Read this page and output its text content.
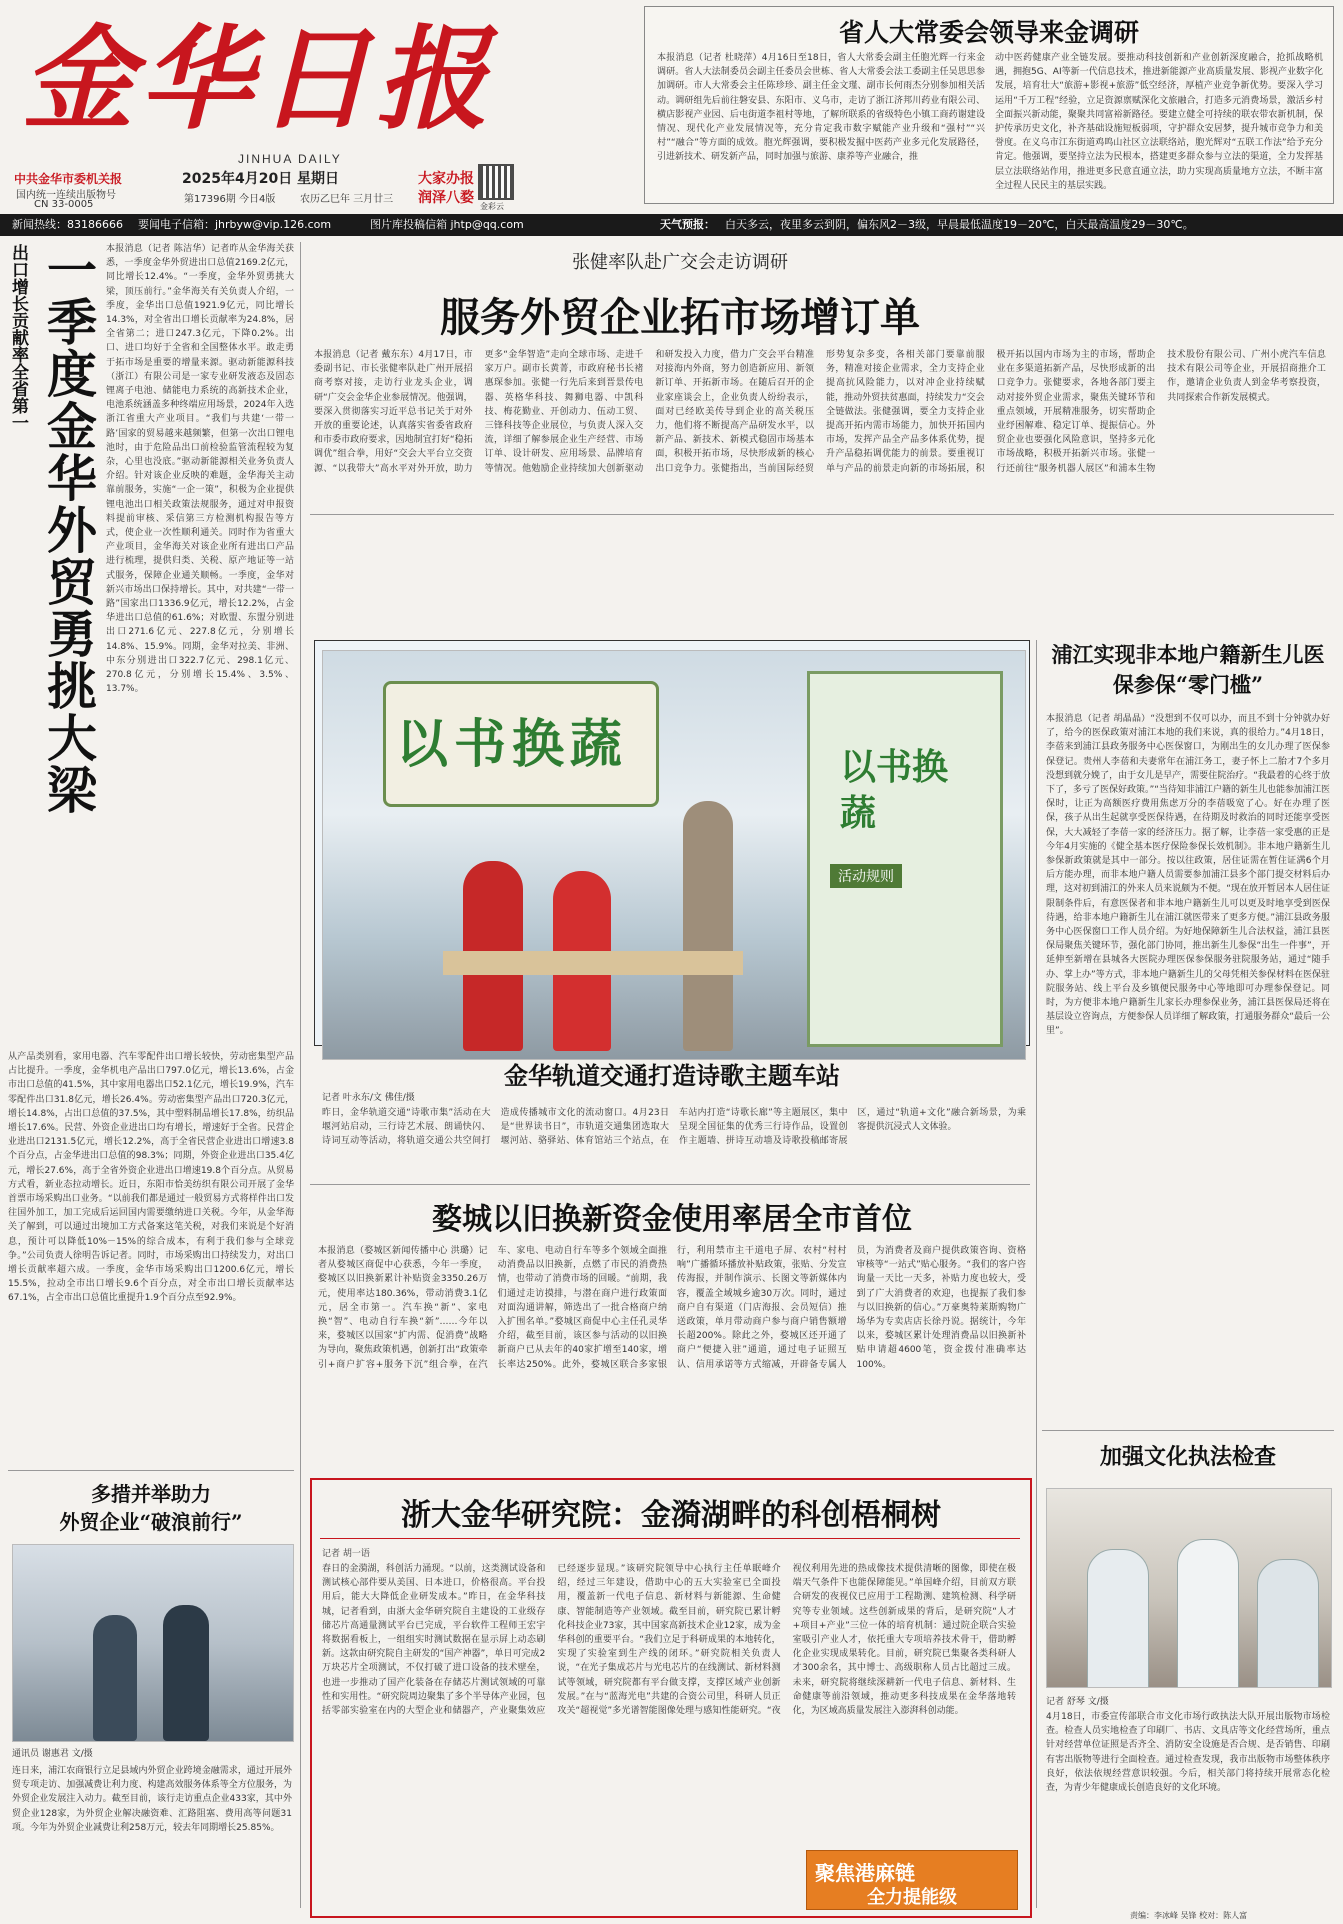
金华日报
JINHUA DAILY
中共金华市委机关报
国内统一连续出版物号
CN 33-0005
2025年4月20日 星期日
第17396期 今日4版 农历乙巳年 三月廿三
大家办报
润泽八婺
金彩云
省人大常委会领导来金调研
本报消息（记者 杜晓萍）4月16日至18日，省人大常委会副主任胞光辉一行来金调研。省人大法制委员会副主任委员会世栋、省人大常委会法工委副主任吴思思参加调研。市人大常委会主任陈珍珍、副主任金文瑾、副市长何雨杰分别参加相关活动。调研组先后前往磐安县、东阳市、义乌市，走访了浙江济邦川药业有限公司、横店影视产业园、后屯街道李祖村等地，了解所联系的省级特色小镇工商药谢建设情况、现代化产业发展情况等，充分肯定我市数字赋能产业升级和“强村”“兴村”“融合”等方面的成效。胞光辉强调，要积极发掘中医药产业多元化发展路径，引进新技术、研发新产品，同时加强与旅游、康养等产业融合，推
动中医药健康产业全链发展。要推动科技创新和产业创新深度融合，抢抓战略机遇，拥抱5G、AI等新一代信息技术，推进新能源产业高质量发展、影视产业数字化发展，培育壮大“旅游+影视+旅游”低空经济，厚植产业竞争新优势。要深入学习运用“千万工程”经验，立足资源禀赋深化文旅融合，打造多元消费场景，激活乡村全面振兴新动能，聚聚共同富裕新路径。要建立健全可持续的联农带农新机制，保护传承历史文化，补齐基础设施短板弱项，守护群众安居梦，提升城市竞争力和美誉度。在义乌市江东街道鸡鸣山社区立法联络站，胞光辉对“五联工作法”给予充分肯定。他强调，要坚持立法为民根本，搭建更多群众参与立法的渠道，全力发挥基层立法联络站作用，推进更多民意直通立法，助力实现高质量地方立法，不断丰富全过程人民民主的基层实践。
新闻热线：83186666 要闻电子信箱：jhrbyw@vip.126.com	图片库投稿信箱 jhtp@qq.com	天气预报： 白天多云，夜里多云到阴，偏东风2－3级，早晨最低温度19－20℃，白天最高温度29－30℃。
出口增长贡献率全省第一 一季度金华外贸勇挑大梁 本报消息（记者 陈洁华）记者昨从金华海关获悉，一季度金华外贸进出口总值2169.2亿元，同比增长12.4%。“一季度，金华外贸勇挑大梁，顶压前行。”金华海关有关负责人介绍，一季度，金华出口总值1921.9亿元，同比增长14.3%，对全省出口增长贡献率为24.8%，居全省第二；进口247.3亿元，下降0.2%。出口、进口均好于全省和全国整体水平。敢走勇于拓市场是重要的增量来源。驱动新能源科技（浙江）有限公司是一家专业研发液态及固态锂离子电池、储能电力系统的高新技术企业，电池系统涵盖多种终端应用场景，2024年入选浙江省重大产业项目。“我们与共建‘一带一路’国家的贸易越来越频繁，但第一次出口锂电池时，由于危险品出口前检验监管流程较为复杂，心里也没底。”驱动新能源相关业务负责人介绍。针对该企业反映的难题，金华海关主动靠前服务，实施“一企一策”，积极为企业提供锂电池出口相关政策法规服务，通过对申报资料提前审核、采信第三方检测机构报告等方式，使企业一次性顺利通关。同时作为省重大产业项目，金华海关对该企业所有进出口产品进行梳理，提供归类、关税、原产地证等一站式服务，保障企业通关顺畅。一季度，金华对新兴市场出口保持增长。其中，对共建“一带一路”国家出口1336.9亿元，增长12.2%，占金华进出口总值的61.6%；对欧盟、东盟分别进出口271.6亿元、227.8亿元，分别增长14.8%、15.9%。同期，金华对拉美、非洲、中东分别进出口322.7亿元、298.1亿元、270.8亿元，分别增长15.4%、3.5%、13.7%。
从产品类别看，家用电器、汽车零配件出口增长较快，劳动密集型产品占比提升。一季度，金华机电产品出口797.0亿元，增长13.6%，占金市出口总值的41.5%，其中家用电器出口52.1亿元，增长19.9%，汽车零配件出口31.8亿元，增长26.4%。劳动密集型产品出口720.3亿元，增长14.8%，占出口总值的37.5%，其中塑料制品增长17.8%，纺织品增长17.6%。民营、外资企业进出口均有增长，增速好于全省。民营企业进出口2131.5亿元，增长12.2%，高于全省民营企业进出口增速3.8个百分点，占金华进出口总值的98.3%；同期，外资企业进出口35.4亿元，增长27.6%，高于全省外资企业进出口增速19.8个百分点。从贸易方式看，新业态拉动增长。近日，东阳市恰美纺织有限公司开展了金华首票市场采购出口业务。“以前我们都是通过一般贸易方式将样件出口发往国外加工，加工完成后运回国内需要缴纳进口关税。今年，从金华海关了解到，可以通过出境加工方式备案这笔关税，对我们来说是个好消息，预计可以降低10%－15%的综合成本，有利于我们参与全球竞争。”公司负责人徐明告诉记者。同时，市场采购出口持续发力，对出口增长贡献率超六成。一季度，金华市场采购出口1200.6亿元，增长15.5%，拉动全市出口增长9.6个百分点，对全市出口增长贡献率达67.1%，占全市出口总值比重提升1.9个百分点至92.9%。
张健率队赴广交会走访调研
服务外贸企业拓市场增订单
本报消息（记者 戴东东）4月17日，市委副书记、市长张健率队赴广州开展招商考察对接，走访行业龙头企业，调研“广交会金华企业参展情况。他强调，要深入贯彻落实习近平总书记关于对外开放的重要论述，认真落实省委省政府和市委市政府要求，因地制宜打好“稳拓调优”组合拳，用好“交会大平台立交资源、“以我带大”高水平对外开放，助力更多“金华智造”走向全球市场、走进千家万户。副市长黄菁，市政府秘书长褚惠琛参加。张健一行先后来到晋景传电器、英格华科技、舞狮电器、中凯科技、梅花勤业、开创动力、伍动工贸、三锋科技等企业展位，与负责人深入交流，详细了解参展企业生产经营、市场订单、设计研发、应用场景、品牌培育等情况。他勉励企业持续加大创新驱动和研发投入力度，借力广交会平台精准对接海内外商，努力创造新应用、新领新订单、开拓新市场。在随后召开的企业家座谈会上，企业负责人纷纷表示，面对已经欧美传导到企业的高关税压力，他们将不断提高产品研发水平，以新产品、新技术、新模式稳固市场基本面，积极开拓市场，尽快形成新的核心出口竞争力。张健指出，当前国际经贸形势复杂多变，各相关部门要靠前服务，精准对接企业需求，全力支持企业提高抗风险能力，以对冲企业持续赋能，推动外贸扶贫惠面，持续发力“交会全链做法。张健强调，要全力支持企业提高开拓内需市场能力，加快开拓国内市场，发挥产品全产品多体系优势，提升产品稳拓调优能力的前景。要重视订单与产品的前景走向新的市场拓展，积极开拓以国内市场为主的市场，帮助企业在多渠道拓新产品，尽快形成新的出口竞争力。张健要求，各地各部门要主动对接外贸企业需求，聚焦关键环节和重点领域，开展精准服务，切实帮助企业纾困解难、稳定订单、提振信心。外贸企业也要强化风险意识，坚持多元化市场战略，积极开拓新兴市场。张健一行还前往“服务机器人展区”和浦本生物技术股份有限公司、广州小虎汽车信息技术有限公司等企业，开展招商推介工作，邀请企业负责人到金华考察投资，共同探索合作新发展模式。
以书换蔬	以书换蔬
活动规则
金华轨道交通打造诗歌主题车站
记者 叶永东/文 佛佳/摄
昨日，金华轨道交通“诗歌市集”活动在大堰河站启动，三行诗艺术展、朗诵快闪、诗词互动等活动，将轨道交通公共空间打造成传播城市文化的流动窗口。4月23日是“世界读书日”，市轨道交通集团选取大堰河站、骆驿站、体育馆站三个站点，在车站内打造“诗歌长廊”等主题展区，集中呈现全国征集的优秀三行诗作品，设置创作主题墙、拼诗互动墙及诗歌投稿邮寄展区，通过“轨道+文化”融合新场景，为乘客提供沉浸式人文体验。
婺城以旧换新资金使用率居全市首位
本报消息（婺城区新闻传播中心 洪璐）记者从婺城区商促中心获悉，今年一季度，婺城区以旧换新累计补贴资金3350.26万元，使用率达180.36%，带动消费3.1亿元，居全市第一。汽车换“新”、家电换“智”、电动自行车换“新”……今年以来，婺城区以国家“扩内需、促消费”战略为导向，聚焦政策机遇，创新打出“政策牵引+商户扩容+服务下沉”组合拳，在汽车、家电、电动自行车等多个领域全面推动消费品以旧换新，点燃了市民的消费热情，也带动了消费市场的回暖。“前期，我们通过走访摸排，与潜在商户进行政策面对面沟通讲解，筛选出了一批合格商户纳入扩围名单。”婺城区商促中心主任孔灵华介绍，截至目前，该区参与活动的以旧换新商户已从去年的40家扩增至140家，增长率达250%。此外，婺城区联合多家银行，利用禁市主干道电子屏、农村“村村响”广播循环播放补贴政策，张贴、分发宣传海报，并制作演示、长图文等新媒体内容，覆盖全域城乡逾30万次。同时，通过商户自有渠道（门店海报、会员短信）推送政策，单月带动商户参与商户销售额增长超200%。除此之外，婺城区还开通了商户“便捷入驻”通道，通过电子证照互认、信用承诺等方式缩减，开辟备专属人员，为消费者及商户提供政策咨询、资格审核等“一站式”贴心服务。“我们的客户咨询量一天比一天多，补贴力度也较大，受到了广大消费者的欢迎，也提振了我们参与以旧换新的信心。”万豪奥特莱斯购物广场华为专卖店店长徐丹说。据统计，今年以来，婺城区累计处理消费品以旧换新补贴申请超4600笔，资金拨付准确率达100%。
浦江实现非本地户籍新生儿医保参保“零门槛”
本报消息（记者 胡晶晶）“没想到不仅可以办，而且不到十分钟就办好了，给今的医保政策对浦江本地的我们来说，真的很给力。”4月18日，李蓓来到浦江县政务服务中心医保窗口，为刚出生的女儿办理了医保参保登记。贵州人李蓓和夫妻常年在浦江务工，妻子怀上二胎才7个多月没想到就分娩了，由于女儿是早产，需要住院治疗。“我最着的心终于放下了，多亏了医保好政策。”“当待知非浦江户籍的新生儿也能参加浦江医保时，让正为高额医疗费用焦虑万分的李蓓吸宽了心。好在办理了医保，孩子从出生起就享受医保待遇，在待期及时救治的同时还能享受医保，大大减轻了李蓓一家的经济压力。据了解，让李蓓一家受惠的正是今年4月实施的《健全基本医疗保险参保长效机制》。非本地户籍新生儿参保新政策就是其中一部分。按以往政策，居住证需在暂住证满6个月后方能办理，而非本地户籍人员需要参加浦江县多个部门提交材料后办理，这对初到浦江的外来人员来说颇为不便。“现在放开暂居本人居住证限制条件后，有意医保者和非本地户籍新生儿可以更及时地享受到医保待遇，给非本地户籍新生儿在浦江就医带来了更多方便。”浦江县政务服务中心医保窗口工作人员介绍。为好地保障新生儿合法权益，浦江县医保局聚焦关键环节，强化部门协同，推出新生儿参保“出生一件事”，开延伸至新增在县城各大医院办理医保参保服务驻院服务站，通过“随手办、掌上办”等方式，非本地户籍新生儿的父母凭相关参保材料在医保驻院服务站、线上平台及乡镇便民服务中心等地即可办理参保登记。同时，为方便非本地户籍新生儿家长办理参保业务，浦江县医保局还将在基层设立咨询点，方便参保人员详细了解政策，打通服务群众“最后一公里”。
加强文化执法检查
记者 舒琴 文/摄
4月18日，市委宣传部联合市文化市场行政执法大队开展出版物市场检查。检查人员实地检查了印刷厂、书店、文具店等文化经营场所，重点针对经营单位证照是否齐全、消防安全设施是否合规、是否销售、印刷有害出版物等进行全面检查。通过检查发现，我市出版物市场整体秩序良好，依法依规经营意识较强。今后，相关部门将持续开展常态化检查，为青少年健康成长创造良好的文化环境。
多措并举助力
外贸企业“破浪前行”
通讯员 谢惠君 文/摄
连日来，浦江农商银行立足县域内外贸企业跨境金融需求，通过开展外贸专项走访、加强减费让利力度、构建高效服务体系等全方位服务，为外贸企业发展注入动力。截至目前，该行走访重点企业433家，其中外贸企业128家，为外贸企业解决融资难、汇路阻塞、费用高等问题31项。今年为外贸企业减费让利258万元，较去年同期增长25.85%。
浙大金华研究院：金漪湖畔的科创梧桐树
记者 胡一语
春日的金漪湖，科创活力涌现。“以前，这类测试设备和测试核心部件要从美国、日本进口，价格很高。平台投用后，能大大降低企业研发成本。”昨日，在金华科技城，记者看到，由浙大金华研究院自主建设的工业级存储芯片高通量测试平台已完成，平台软件工程师王宏宇将数据看板上，一组组实时测试数据在显示屏上动态刷新。这款由研究院自主研发的“国产神器”，单日可完成2万块芯片全项测试，不仅打破了进口设备的技术壁垒，也进一步推动了国产化装备在存储芯片测试领域的可靠性和实用性。“研究院周边聚集了多个半导体产业园，包括零部实验室在内的大型企业和储器产，产业聚集效应已经逐步显现。”该研究院领导中心执行主任单眠峰介绍，经过三年建设，借助中心的五大实验室已全面投用，覆盖新一代电子信息、新材料与新能源、生命健康、智能制造等产业领域。截至目前，研究院已累计孵化科技企业73家，其中国家高新技术企业12家，成为金华科创的重要平台。“我们立足于科研成果的本地转化，实现了实验室到生产线的闭环。”研究院相关负责人说，“在光子集成芯片与光电芯片的在线测试、新材料测试等领域，研究院都有平台做支撑，支撑区域产业创新发展。”在与“蓝海光电”共建的合资公司里，科研人员正攻关“超视觉”多光谱智能图像处理与感知性能研究。“夜视仪利用先进的热成像技术提供清晰的图像，即使在极端天气条件下也能保障能见。”单国峰介绍，目前双方联合研发的夜视仪已应用于工程勘测、建筑检测、科学研究等专业领域。这些创新成果的背后，是研究院“人才+项目+产业”三位一体的培育机制：通过院企联合实验室吸引产业人才，依托重大专项培养技术骨干，借助孵化企业实现成果转化。目前，研究院已集聚各类科研人才300余名，其中博士、高级职称人员占比超过三成。未来，研究院将继续深耕新一代电子信息、新材料、生命健康等前沿领域，推动更多科技成果在金华落地转化，为区域高质量发展注入澎湃科创动能。
聚焦港麻链
全力提能级
责编：李冰峰 吴锋 校对：陈人富
